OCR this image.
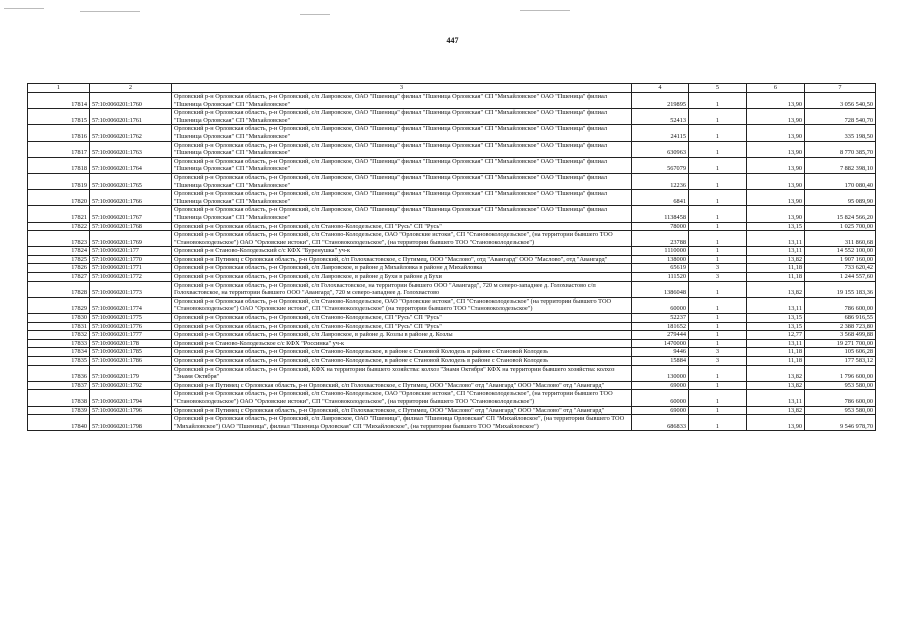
447
1	2	3	4	5	6	7
17814	57:10:0060201:1760	Орловский р-н Орловская область, р-н Орловский, с/п Лавровское, ОАО "Пшеница" филиал "Пшеница Орловская" СП "Михайловское" ОАО "Пшеница" филиал "Пшеница Орловская" СП "Михайловское"	219895	1	13,90	3 056 540,50
17815	57:10:0060201:1761	Орловский р-н Орловская область, р-н Орловский, с/п Лавровское, ОАО "Пшеница" филиал "Пшеница Орловская" СП "Михайловское" ОАО "Пшеница" филиал "Пшеница Орловская" СП "Михайловское"	52413	1	13,90	728 540,70
17816	57:10:0060201:1762	Орловский р-н Орловская область, р-н Орловский, с/п Лавровское, ОАО "Пшеница" филиал "Пшеница Орловская" СП "Михайловское" ОАО "Пшеница" филиал "Пшеница Орловская" СП "Михайловское"	24115	1	13,90	335 198,50
17817	57:10:0060201:1763	Орловский р-н Орловская область, р-н Орловский, с/п Лавровское, ОАО "Пшеница" филиал "Пшеница Орловская" СП "Михайловское" ОАО "Пшеница" филиал "Пшеница Орловская" СП "Михайловское"	630963	1	13,90	8 770 385,70
17818	57:10:0060201:1764	Орловский р-н Орловская область, р-н Орловский, с/п Лавровское, ОАО "Пшеница" филиал "Пшеница Орловская" СП "Михайловское" ОАО "Пшеница" филиал "Пшеница Орловская" СП "Михайловское"	567079	1	13,90	7 882 398,10
17819	57:10:0060201:1765	Орловский р-н Орловская область, р-н Орловский, с/п Лавровское, ОАО "Пшеница" филиал "Пшеница Орловская" СП "Михайловское" ОАО "Пшеница" филиал "Пшеница Орловская" СП "Михайловское"	12236	1	13,90	170 080,40
17820	57:10:0060201:1766	Орловский р-н Орловская область, р-н Орловский, с/п Лавровское, ОАО "Пшеница" филиал "Пшеница Орловская" СП "Михайловское" ОАО "Пшеница" филиал "Пшеница Орловская" СП "Михайловское"	6841	1	13,90	95 089,90
17821	57:10:0060201:1767	Орловский р-н Орловская область, р-н Орловский, с/п Лавровское, ОАО "Пшеница" филиал "Пшеница Орловская" СП "Михайловское" ОАО "Пшеница" филиал "Пшеница Орловская" СП "Михайловское"	1138458	1	13,90	15 824 566,20
17822	57:10:0060201:1768	Орловский р-н Орловская область, р-н Орловский, с/п Станово-Колодезьское, СП "Русь" СП "Русь"	78000	1	13,15	1 025 700,00
17823	57:10:0060201:1769	Орловский р-н Орловская область, р-н Орловский, с/п Станово-Колодезьское, ОАО "Орловские истоки", СП "Становоколодезьское", (на территории бывшего ТОО "Становоколодезьское") ОАО "Орловские истоки", СП "Становоколодезьское", (на территории бывшего ТОО "Становоколодезьское")	23788	1	13,11	311 860,68
17824	57:10:0060201:177	Орловский р-н Станово-Колодезьский с/с КФХ "Буренушка" уч-к	1110000	1	13,11	14 552 100,00
17825	57:10:0060201:1770	Орловский р-н Путимец с Орловская область, р-н Орловский, с/п Голохвастовское, с Путимец, ООО "Маслово", отд "Авангард" ООО "Маслово", отд "Авангард"	138000	1	13,82	1 907 160,00
17826	57:10:0060201:1771	Орловский р-н Орловская область, р-н Орловский, с/п Лавровское, в районе д Михайловка в районе д Михайловка	65619	3	11,18	733 620,42
17827	57:10:0060201:1772	Орловский р-н Орловская область, р-н Орловский, с/п Лавровское, в районе д Бухи в районе д Бухи	111520	3	11,18	1 244 557,60
17828	57:10:0060201:1773	Орловский р-н Орловская область, р-н Орловский, с/п Голохвастовское, на территории бывшего ООО "Авангард", 720 м северо-западнее д. Голохвастово с/п Голохвастовское, на территории бывшего ООО "Авангард", 720 м северо-западнее д. Голохвастово	1386048	1	13,82	19 155 183,36
17829	57:10:0060201:1774	Орловский р-н Орловская область, р-н Орловский, с/п Станово-Колодезьское, ОАО "Орловские истоки", СП "Становоколодезьское" (на территории бывшего ТОО "Становоколодезьское") ОАО "Орловские истоки", СП "Становоколодезьское" (на территории бывшего ТОО "Становоколодезьское")	60000	1	13,11	786 600,00
17830	57:10:0060201:1775	Орловский р-н Орловская область, р-н Орловский, с/п Станово-Колодезьское, СП "Русь" СП "Русь"	52237	1	13,15	686 916,55
17831	57:10:0060201:1776	Орловский р-н Орловская область, р-н Орловский, с/п Станово-Колодезьское, СП "Русь" СП "Русь"	181652	1	13,15	2 388 723,80
17832	57:10:0060201:1777	Орловский р-н Орловская область, р-н Орловский, с/п Лавровское, в районе д. Козлы в районе д. Козлы	279444	1	12,77	3 568 499,88
17833	57:10:0060201:178	Орловский р-н Станово-Колодезьское с/с КФХ "Россинка" уч-к	1470000	1	13,11	19 271 700,00
17834	57:10:0060201:1785	Орловский р-н Орловская область, р-н Орловский, с/п Станово-Колодезьское, в районе с Становой Колодезь в районе с Становой Колодезь	9446	3	11,18	105 606,28
17835	57:10:0060201:1786	Орловский р-н Орловская область, р-н Орловский, с/п Станово-Колодезьское, в районе с Становой Колодезь в районе с Становой Колодезь	15884	3	11,18	177 583,12
17836	57:10:0060201:179	Орловский р-н Орловская область, р-н Орловский, КФХ на территории бывшего хозяйства: колхоз "Знамя Октября" КФХ на территории бывшего хозяйства: колхоз "Знамя Октября"	130000	1	13,82	1 796 600,00
17837	57:10:0060201:1792	Орловский р-н Путимец с Орловская область, р-н Орловский, с/п Голохвастовское, с Путимец, ООО "Маслово" отд "Авангард" ООО "Маслово" отд "Авангард"	69000	1	13,82	953 580,00
17838	57:10:0060201:1794	Орловский р-н Орловская область, р-н Орловский, с/п Станово-Колодезьское, ОАО "Орловские истоки", СП "Становоколодезьское", (на территории бывшего ТОО "Становоколодезьское") ОАО "Орловские истоки", СП "Становоколодезьское", (на территории бывшего ТОО "Становоколодезьское")	60000	1	13,11	786 600,00
17839	57:10:0060201:1796	Орловский р-н Путимец с Орловская область, р-н Орловский, с/п Голохвастовское, с Путимец, ООО "Маслово" отд "Авангард" ООО "Маслово" отд "Авангард"	69000	1	13,82	953 580,00
17840	57:10:0060201:1798	Орловский р-н Орловская область, р-н Орловский, с/п Лавровское, ОАО "Пшеница", филиал "Пшеница Орловская" СП "Михайловское", (на территории бывшего ТОО "Михайловское") ОАО "Пшеница", филиал "Пшеница Орловская" СП "Михайловское", (на территории бывшего ТОО "Михайловское")	686833	1	13,90	9 546 978,70
